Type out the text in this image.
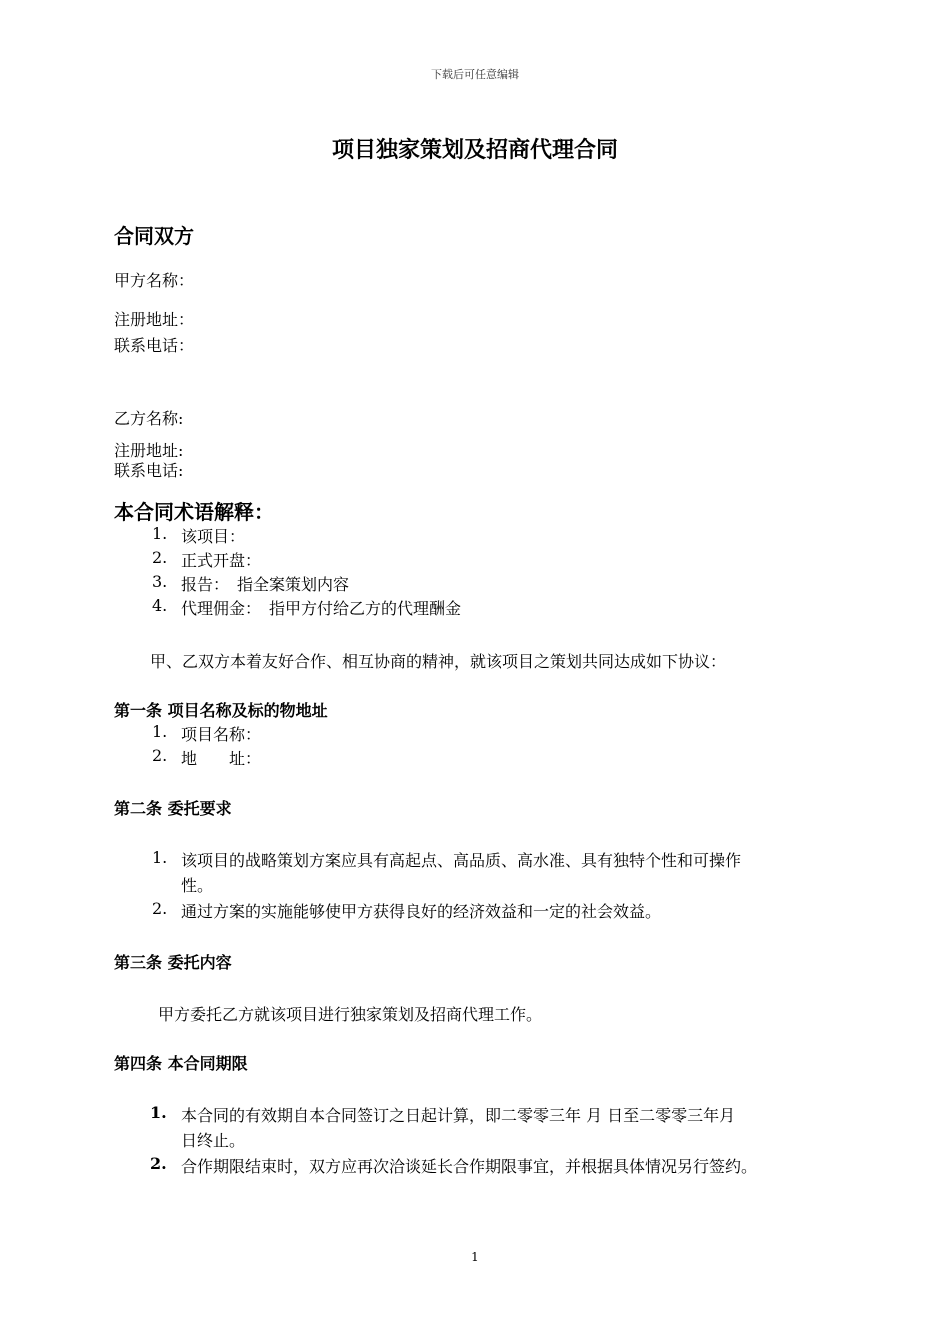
下载后可任意编辑
项目独家策划及招商代理合同
合同双方
甲方名称：
注册地址：
联系电话：
乙方名称:
注册地址:
联系电话:
本合同术语解释：
1. 该项目：
2. 正式开盘：
3. 报告：　指全案策划内容
4. 代理佣金：　指甲方付给乙方的代理酬金
甲、乙双方本着友好合作、相互协商的精神，就该项目之策划共同达成如下协议：
第一条 项目名称及标的物地址
1. 项目名称：
2. 地　　址：
第二条 委托要求
1. 该项目的战略策划方案应具有高起点、高品质、高水准、具有独特个性和可操作
性。
2. 通过方案的实施能够使甲方获得良好的经济效益和一定的社会效益。
第三条 委托内容
甲方委托乙方就该项目进行独家策划及招商代理工作。
第四条 本合同期限
1. 本合同的有效期自本合同签订之日起计算，即二零零三年 月 日至二零零三年月
日终止。
2. 合作期限结束时，双方应再次洽谈延长合作期限事宜，并根据具体情况另行签约。
1
